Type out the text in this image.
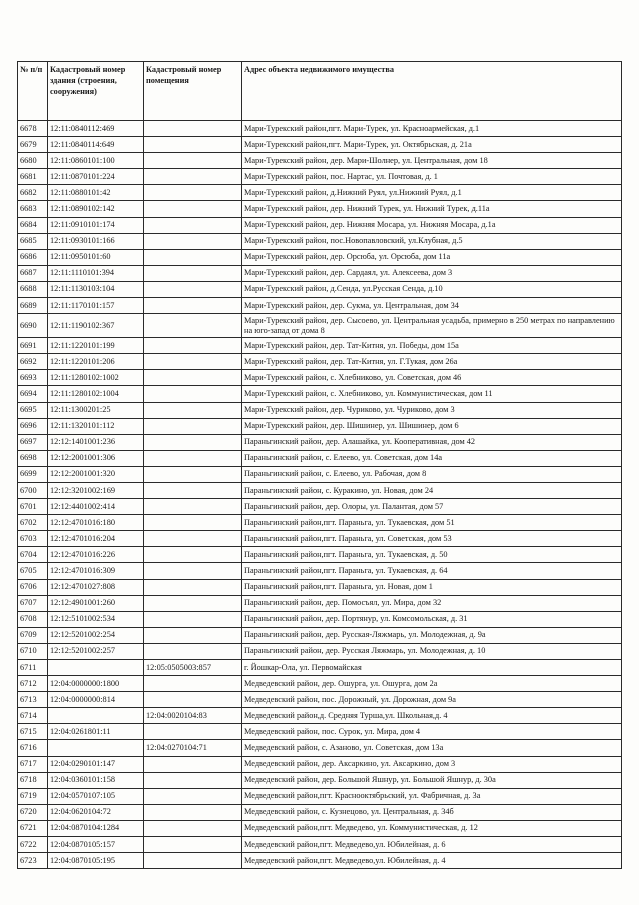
№ п/п	Кадастровый номер здания (строения, сооружения)	Кадастровый номер помещения	Адрес объекта недвижимого имущества
6678	12:11:0840112:469		Мари-Турекский район,пгт. Мари-Турек, ул. Красноармейская, д.1
6679	12:11:0840114:649		Мари-Турекский район,пгт. Мари-Турек, ул. Октябрьская, д. 21а
6680	12:11:0860101:100		Мари-Турекский район, дер. Мари-Шолнер, ул. Центральная, дом 18
6681	12:11:0870101:224		Мари-Турекский район, пос. Нартас, ул. Почтовая, д. 1
6682	12:11:0880101:42		Мари-Турекский район, д.Нижний Руял, ул.Нижний Руял, д.1
6683	12:11:0890102:142		Мари-Турекский район, дер. Нижний Турек, ул. Нижний Турек, д.11а
6684	12:11:0910101:174		Мари-Турекский район, дер. Нижняя Мосара, ул. Нижняя Мосара, д.1а
6685	12:11:0930101:166		Мари-Турекский район, пос.Новопавловский, ул.Клубная, д.5
6686	12:11:0950101:60		Мари-Турекский район, дер. Орсюба, ул. Орсюба, дом 11а
6687	12:11:1110101:394		Мари-Турекский район, дер. Сардаял, ул. Алексеева, дом 3
6688	12:11:1130103:104		Мари-Турекский район, д.Сенда, ул.Русская Сенда, д.10
6689	12:11:1170101:157		Мари-Турекский район, дер. Сукма, ул. Центральная, дом 34
6690	12:11:1190102:367		Мари-Турекский район, дер. Сысоево, ул. Центральная усадьба, примерно в 250 метрах по направлению на юго-запад от дома 8
6691	12:11:1220101:199		Мари-Турекский район, дер. Тат-Китня, ул. Победы, дом 15а
6692	12:11:1220101:206		Мари-Турекский район, дер. Тат-Китня, ул. Г.Тукая, дом 26а
6693	12:11:1280102:1002		Мари-Турекский район, с. Хлебниково, ул. Советская, дом 46
6694	12:11:1280102:1004		Мари-Турекский район, с. Хлебниково, ул. Коммунистическая, дом 11
6695	12:11:1300201:25		Мари-Турекский район, дер. Чуриково, ул. Чуриково, дом 3
6696	12:11:1320101:112		Мари-Турекский район, дер. Шишинер, ул. Шишинер, дом 6
6697	12:12:1401001:236		Параньгинский район, дер. Алашайка, ул. Кооперативная, дом 42
6698	12:12:2001001:306		Параньгинский район, с. Елеево, ул. Советская, дом 14а
6699	12:12:2001001:320		Параньгинский район, с. Елеево, ул. Рабочая, дом 8
6700	12:12:3201002:169		Параньгинский район, с. Куракино, ул. Новая, дом 24
6701	12:12:4401002:414		Параньгинский район, дер. Олоры, ул. Палантая, дом 57
6702	12:12:4701016:180		Параньгинский район,пгт. Параньга, ул. Тукаевская, дом 51
6703	12:12:4701016:204		Параньгинский район,пгт. Параньга, ул. Советская, дом 53
6704	12:12:4701016:226		Параньгинский район,пгт. Параньга, ул. Тукаевская, д. 50
6705	12:12:4701016:309		Параньгинский район,пгт. Параньга, ул. Тукаевская, д. 64
6706	12:12:4701027:808		Параньгинский район,пгт. Параньга, ул. Новая, дом 1
6707	12:12:4901001:260		Параньгинский район, дер. Помосъял, ул. Мира, дом 32
6708	12:12:5101002:534		Параньгинский район, дер. Портянур, ул. Комсомольская, д. 31
6709	12:12:5201002:254		Параньгинский район, дер. Русская-Ляжмарь, ул. Молодежная, д. 9а
6710	12:12:5201002:257		Параньгинский район, дер. Русская Ляжмарь, ул. Молодежная, д. 10
6711		12:05:0505003:857	г. Йошкар-Ола, ул. Первомайская
6712	12:04:0000000:1800		Медведевский район, дер. Ошурга, ул. Ошурга, дом 2а
6713	12:04:0000000:814		Медведевский район, пос. Дорожный, ул. Дорожная, дом 9а
6714		12:04:0020104:83	Медведевский район,д. Средняя Турша,ул. Школьная,д. 4
6715	12:04:0261801:11		Медведевский район, пос. Сурок, ул. Мира, дом 4
6716		12:04:0270104:71	Медведевский район, с. Азаново, ул. Советская, дом 13а
6717	12:04:0290101:147		Медведевский район, дер. Аксаркино, ул. Аксаркино, дом 3
6718	12:04:0360101:158		Медведевский район, дер. Большой Яшнур, ул. Большой Яшнур, д. 30а
6719	12:04:0570107:105		Медведевский район,пгт. Краснооктябрьский, ул. Фабричная, д. 3а
6720	12:04:0620104:72		Медведевский район, с. Кузнецово, ул. Центральная, д. 34б
6721	12:04:0870104:1284		Медведевский район,пгт. Медведево, ул. Коммунистическая, д. 12
6722	12:04:0870105:157		Медведевский район,пгт. Медведево,ул. Юбилейная, д. 6
6723	12:04:0870105:195		Медведевский район,пгт. Медведево,ул. Юбилейная, д. 4
